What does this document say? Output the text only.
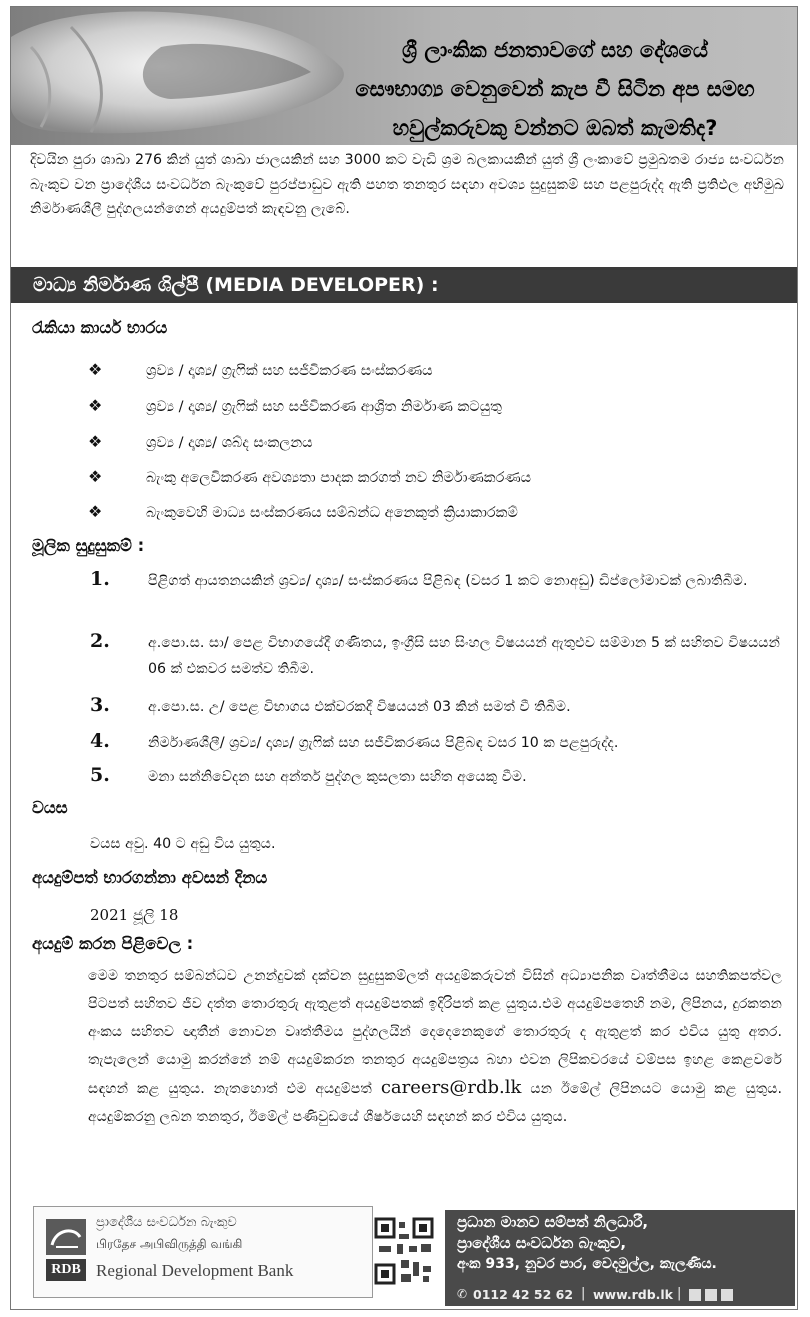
ශ්‍රී ලාංකික ජනතාවගේ සහ දේශයේ
සෞභාග්‍ය වෙනුවෙන් කැප වී සිටින අප සමඟ
හවුල්කරුවකු වන්නට ඔබත් කැමතිද?
දිවයින පුරා ශාඛා 276 කින් යුත් ශාඛා ජාලයකින් සහ 3000 කට වැඩි ශ්‍රම බලකායකින් යුත් ශ්‍රී ලංකාවේ ප්‍රමුඛතම රාජ්‍ය සංවර්ධන බැංකුව වන ප්‍රාදේශීය සංවර්ධන බැංකුවේ පුරප්පාඩුව ඇති පහත තනතුර සඳහා අවශ්‍ය සුදුසුකම් සහ පළපුරුද්ද ඇති ප්‍රතිඵල අභිමුඛ නිර්මාණශීලී පුද්ගලයන්ගෙන් අයදුම්පත් කැඳවනු ලැබේ.
මාධ්‍ය නිර්මාණ ශිල්පී (MEDIA DEVELOPER) :
රැකියා කාර්ය භාරය
❖	ශ්‍රව්‍ය / දෘශ්‍ය/ ග්‍රැෆික් සහ සජීවිකරණ සංස්කරණය
❖	ශ්‍රව්‍ය / දෘශ්‍ය/ ග්‍රැෆික් සහ සජීවිකරණ ආශ්‍රිත නිර්මාණ කටයුතු
❖	ශ්‍රව්‍ය / දෘශ්‍ය/ ශබ්ද සංකලනය
❖	බැංකු අලෙවිකරණ අවශ්‍යතා පාදක කරගත් නව නිර්මාණකරණය
❖	බැංකුවෙහි මාධ්‍ය සංස්කරණය සම්බන්ධ අනෙකුත් ක්‍රියාකාරකම්
මූලික සුදුසුකම් :
1.	පිළිගත් ආයතනයකින් ශ්‍රව්‍ය/ දෘශ්‍ය/ සංස්කරණය පිළිබඳ (වසර 1 කට නොඅඩු) ඩිප්ලෝමාවක් ලබාතිබීම.
2.	අ.පො.ස. සා/ පෙළ විභාගයේදී ගණිතය, ඉංග්‍රීසි සහ සිංහල විෂයයන් ඇතුළුව සම්මාන 5 ක් සහිතව විෂයයන් 06 ක් එකවර සමත්ව තිබීම.
3.	අ.පො.ස. උ/ පෙළ විභාගය එක්වරකදී විෂයයන් 03 කින් සමත් වී තිබීම.
4.	නිර්මාණශීලී/ ශ්‍රව්‍ය/ දෘශ්‍ය/ ග්‍රැෆික් සහ සජීවිකරණය පිළිබඳ වසර 10 ක පළපුරුද්ද.
5.	මනා සන්නිවේදන සහ අන්තර් පුද්ගල කුසලතා සහිත අයෙකු වීම.
වයස
වයස අවු. 40 ට අඩු විය යුතුය.
අයදුම්පත් භාරගන්නා අවසන් දිනය
2021 ජූලි 18
අයදුම් කරන පිළිවෙල :
මෙම තනතුර සම්බන්ධව උනන්දුවක් දක්වන සුදුසුකම්ලත් අයදුම්කරුවන් විසින් අධ්‍යාපනික වෘත්තීමය සහතිකපත්වල පිටපත් සහිතව ජීව දත්ත තොරතුරු ඇතුළත් අයදුම්පතක් ඉදිරිපත් කළ යුතුය.එම අයදුම්පතෙහි නම, ලිපිනය, දුරකතන අංකය සහිතව ඥාතීන් නොවන වෘත්තීමය පුද්ගලයින් දෙදෙනෙකුගේ තොරතුරු ද ඇතුළත් කර එවිය යුතු අතර. තැපැලෙන් යොමු කරන්නේ නම් අයදුම්කරන තනතුර අයදුම්පත්‍රය බහා එවන ලිපිකවරයේ වම්පස ඉහළ කෙළවරේ සඳහන් කළ යුතුය. නැතහොත් එම අයදුම්පත් careers@rdb.lk යන ඊමේල් ලිපිනයට යොමු කළ යුතුය. අයදුම්කරනු ලබන තනතුර, ඊමේල් පණිවුඩයේ ශීර්ෂයෙහි සඳහන් කර එවිය යුතුය.
RDB
ප්‍රාදේශීය සංවර්ධන බැංකුව
பிரதேச அபிவிருத்தி வங்கி
Regional Development Bank
ප්‍රධාන මානව සම්පත් නිලධාරී,
ප්‍රාදේශීය සංවර්ධන බැංකුව,
අංක 933, නුවර පාර, වෙදමුල්ල, කැලණිය.
✆ 0112 42 52 62 | www.rdb.lk |
